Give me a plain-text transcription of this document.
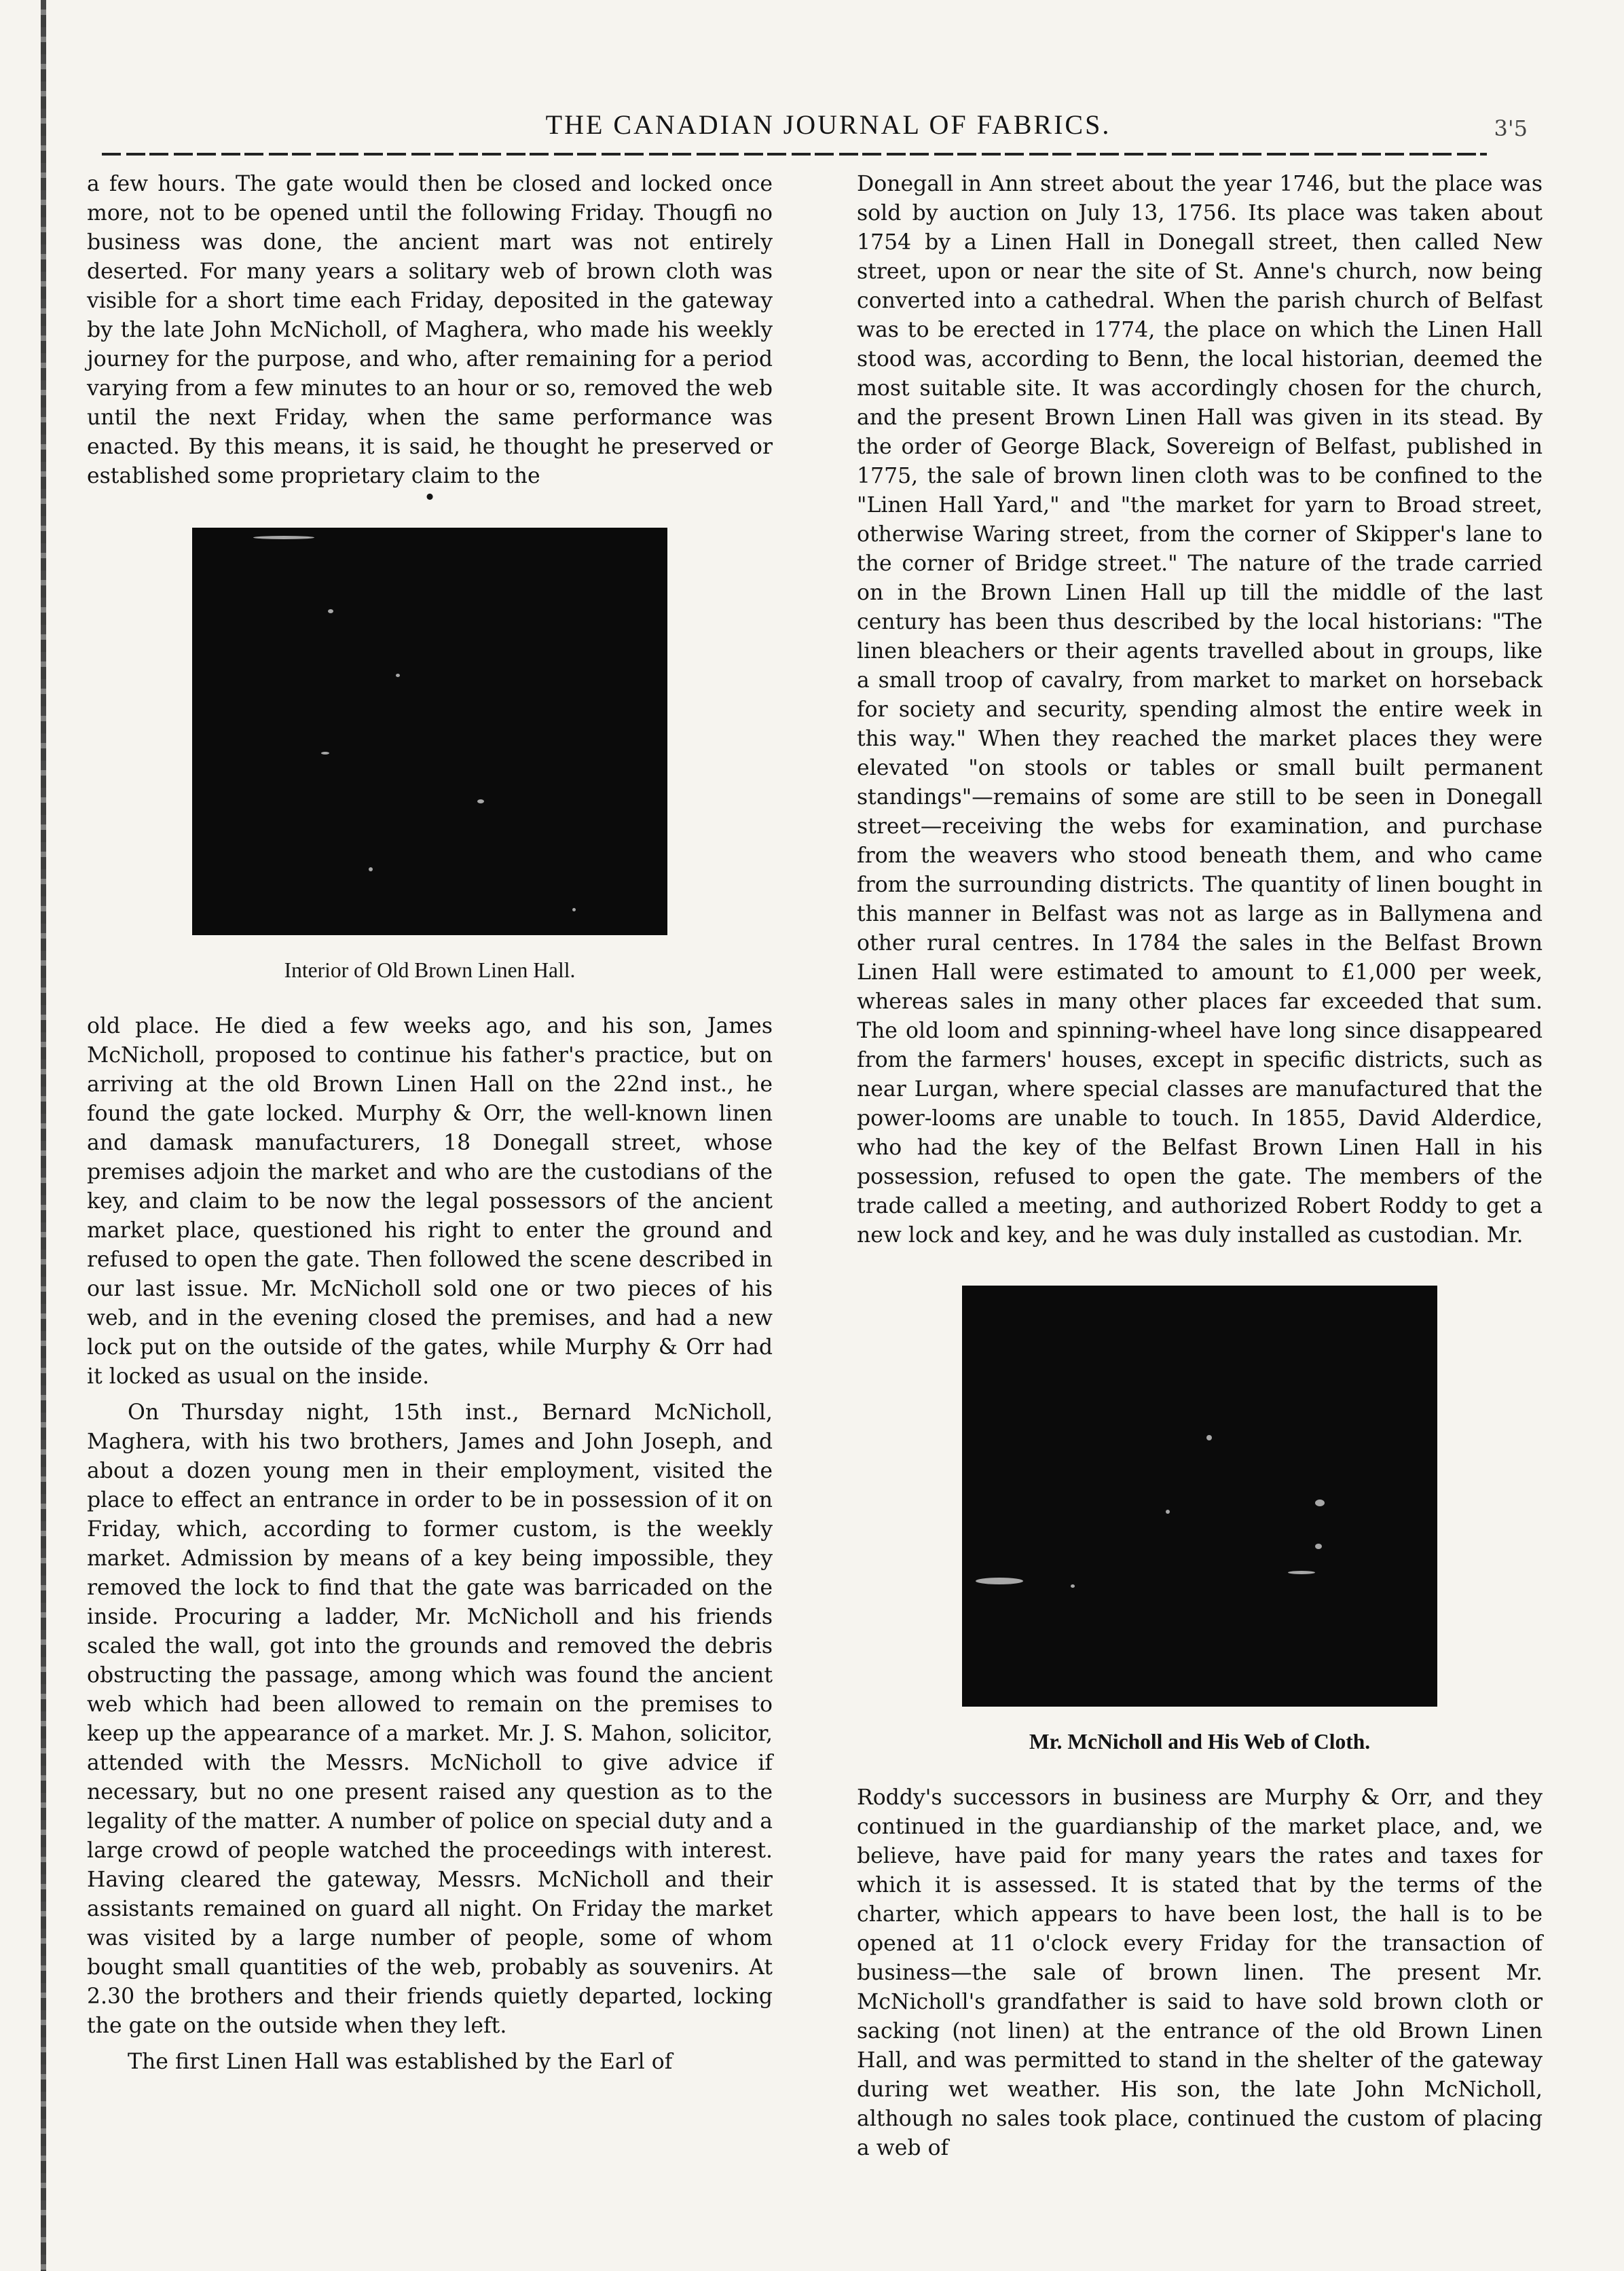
THE CANADIAN JOURNAL OF FABRICS.	3'5

a few hours. The gate would then be closed and locked once more, not to be opened until the following Friday. Thougfi no business was done, the ancient mart was not entirely deserted. For many years a solitary web of brown cloth was visible for a short time each Friday, deposited in the gateway by the late John McNicholl, of Maghera, who made his weekly journey for the purpose, and who, after remaining for a period varying from a few minutes to an hour or so, removed the web until the next Friday, when the same performance was enacted. By this means, it is said, he thought he preserved or established some proprietary claim to the

•
Interior of Old Brown Linen Hall.

old place. He died a few weeks ago, and his son, James McNicholl, proposed to continue his father's practice, but on arriving at the old Brown Linen Hall on the 22nd inst., he found the gate locked. Murphy & Orr, the well-known linen and damask manufacturers, 18 Donegall street, whose premises adjoin the market and who are the custodians of the key, and claim to be now the legal possessors of the ancient market place, questioned his right to enter the ground and refused to open the gate. Then followed the scene described in our last issue. Mr. McNicholl sold one or two pieces of his web, and in the evening closed the premises, and had a new lock put on the outside of the gates, while Murphy & Orr had it locked as usual on the inside.

On Thursday night, 15th inst., Bernard McNicholl, Maghera, with his two brothers, James and John Joseph, and about a dozen young men in their employment, visited the place to effect an entrance in order to be in possession of it on Friday, which, according to former custom, is the weekly market. Admission by means of a key being impossible, they removed the lock to find that the gate was barricaded on the inside. Procuring a ladder, Mr. McNicholl and his friends scaled the wall, got into the grounds and removed the debris obstructing the passage, among which was found the ancient web which had been allowed to remain on the premises to keep up the appearance of a market. Mr. J. S. Mahon, solicitor, attended with the Messrs. McNicholl to give advice if necessary, but no one present raised any question as to the legality of the matter. A number of police on special duty and a large crowd of people watched the proceedings with interest. Having cleared the gateway, Messrs. McNicholl and their assistants remained on guard all night. On Friday the market was visited by a large number of people, some of whom bought small quantities of the web, probably as souvenirs. At 2.30 the brothers and their friends quietly departed, locking the gate on the outside when they left.

The first Linen Hall was established by the Earl of

Donegall in Ann street about the year 1746, but the place was sold by auction on July 13, 1756. Its place was taken about 1754 by a Linen Hall in Donegall street, then called New street, upon or near the site of St. Anne's church, now being converted into a cathedral. When the parish church of Belfast was to be erected in 1774, the place on which the Linen Hall stood was, according to Benn, the local historian, deemed the most suitable site. It was accordingly chosen for the church, and the present Brown Linen Hall was given in its stead. By the order of George Black, Sovereign of Belfast, published in 1775, the sale of brown linen cloth was to be confined to the "Linen Hall Yard," and "the market for yarn to Broad street, otherwise Waring street, from the corner of Skipper's lane to the corner of Bridge street." The nature of the trade carried on in the Brown Linen Hall up till the middle of the last century has been thus described by the local historians: "The linen bleachers or their agents travelled about in groups, like a small troop of cavalry, from market to market on horseback for society and security, spending almost the entire week in this way." When they reached the market places they were elevated "on stools or tables or small built permanent standings"—remains of some are still to be seen in Donegall street—receiving the webs for examination, and purchase from the weavers who stood beneath them, and who came from the surrounding districts. The quantity of linen bought in this manner in Belfast was not as large as in Ballymena and other rural centres. In 1784 the sales in the Belfast Brown Linen Hall were estimated to amount to £1,000 per week, whereas sales in many other places far exceeded that sum. The old loom and spinning-wheel have long since disappeared from the farmers' houses, except in specific districts, such as near Lurgan, where special classes are manufactured that the power-looms are unable to touch. In 1855, David Alderdice, who had the key of the Belfast Brown Linen Hall in his possession, refused to open the gate. The members of the trade called a meeting, and authorized Robert Roddy to get a new lock and key, and he was duly installed as custodian. Mr.

Mr. McNicholl and His Web of Cloth.

Roddy's successors in business are Murphy & Orr, and they continued in the guardianship of the market place, and, we believe, have paid for many years the rates and taxes for which it is assessed. It is stated that by the terms of the charter, which appears to have been lost, the hall is to be opened at 11 o'clock every Friday for the transaction of business—the sale of brown linen. The present Mr. McNicholl's grandfather is said to have sold brown cloth or sacking (not linen) at the entrance of the old Brown Linen Hall, and was permitted to stand in the shelter of the gateway during wet weather. His son, the late John McNicholl, although no sales took place, continued the custom of placing a web of
